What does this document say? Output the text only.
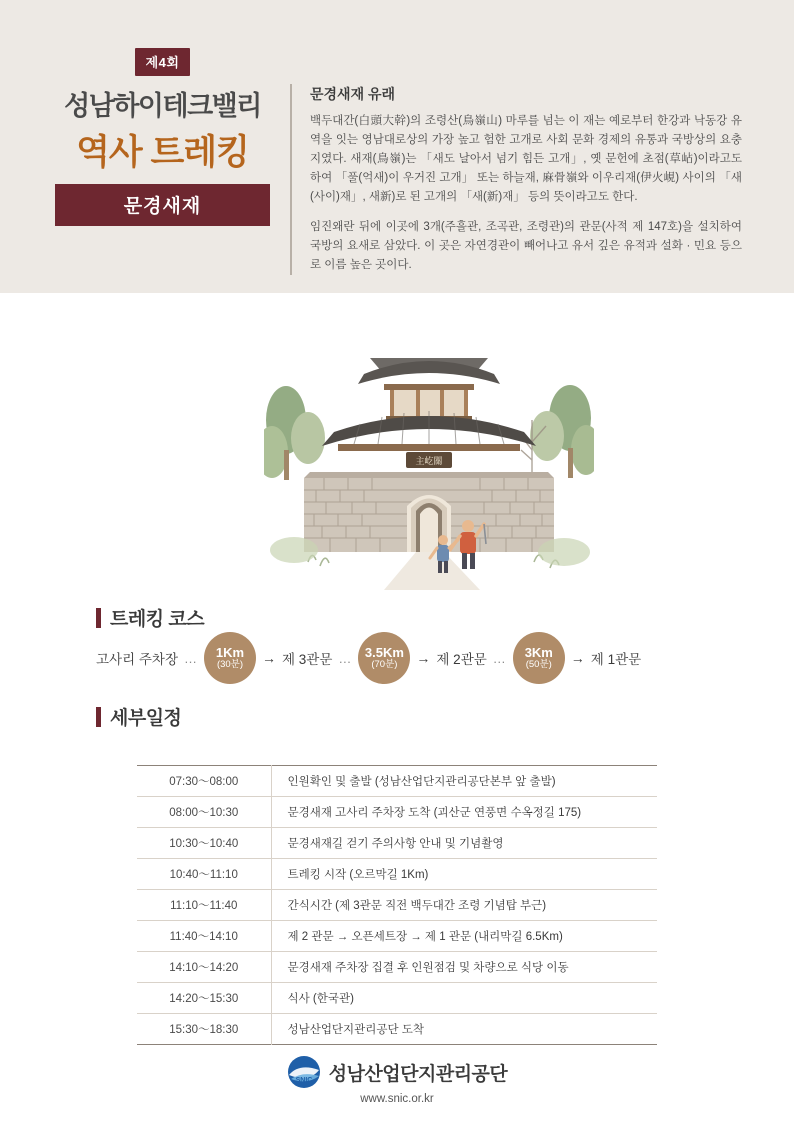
제4회
성남하이테크밸리
역사 트레킹
문경새재
문경새재 유래

백두대간(白頭大幹)의 조령산(鳥嶺山) 마루를 넘는 이 재는 예로부터 한강과 낙동강 유역을 잇는 영남대로상의 가장 높고 험한 고개로 사회 문화 경제의 유통과 국방상의 요충지였다. 새재(鳥嶺)는 「새도 날아서 넘기 힘든 고개」, 옛 문헌에 초점(草岾)이라고도 하여 「풀(억새)이 우거진 고개」 또는 하늘재, 麻骨嶺와 이우리재(伊火峴) 사이의 「새(사이)재」, 새新)로 된 고개의 「새(新)재」 등의 뜻이라고도 한다.

임진왜란 뒤에 이곳에 3개(주흘관, 조곡관, 조령관)의 관문(사적 제 147호)을 설치하여 국방의 요새로 삼았다. 이 곳은 자연경관이 빼어나고 유서 깊은 유적과 설화 · 민요 등으로 이름 높은 곳이다.

主屹關
트레킹 코스
고사리 주차장 … 1Km
(30분) → 제 3관문 … 3.5Km
(70분) → 제 2관문 … 3Km
(50분) → 제 1관문
세부일정
07:30～08:00	인원확인 및 출발 (성남산업단지관리공단본부 앞 출발)
08:00～10:30	문경새재 고사리 주차장 도착 (괴산군 연풍면 수옥정길 175)
10:30～10:40	문경새재길 걷기 주의사항 안내 및 기념촬영
10:40～11:10	트레킹 시작 (오르막길 1Km)
11:10～11:40	간식시간 (제 3관문 직전 백두대간 조령 기념탑 부근)
11:40～14:10	제 2 관문 → 오픈세트장 → 제 1 관문 (내리막길 6.5Km)
14:10～14:20	문경새재 주차장 집결 후 인원점검 및 차량으로 식당 이동
14:20～15:30	식사 (한국관)
15:30～18:30	성남산업단지관리공단 도착
SNIC 성남산업단지관리공단
www.snic.or.kr
